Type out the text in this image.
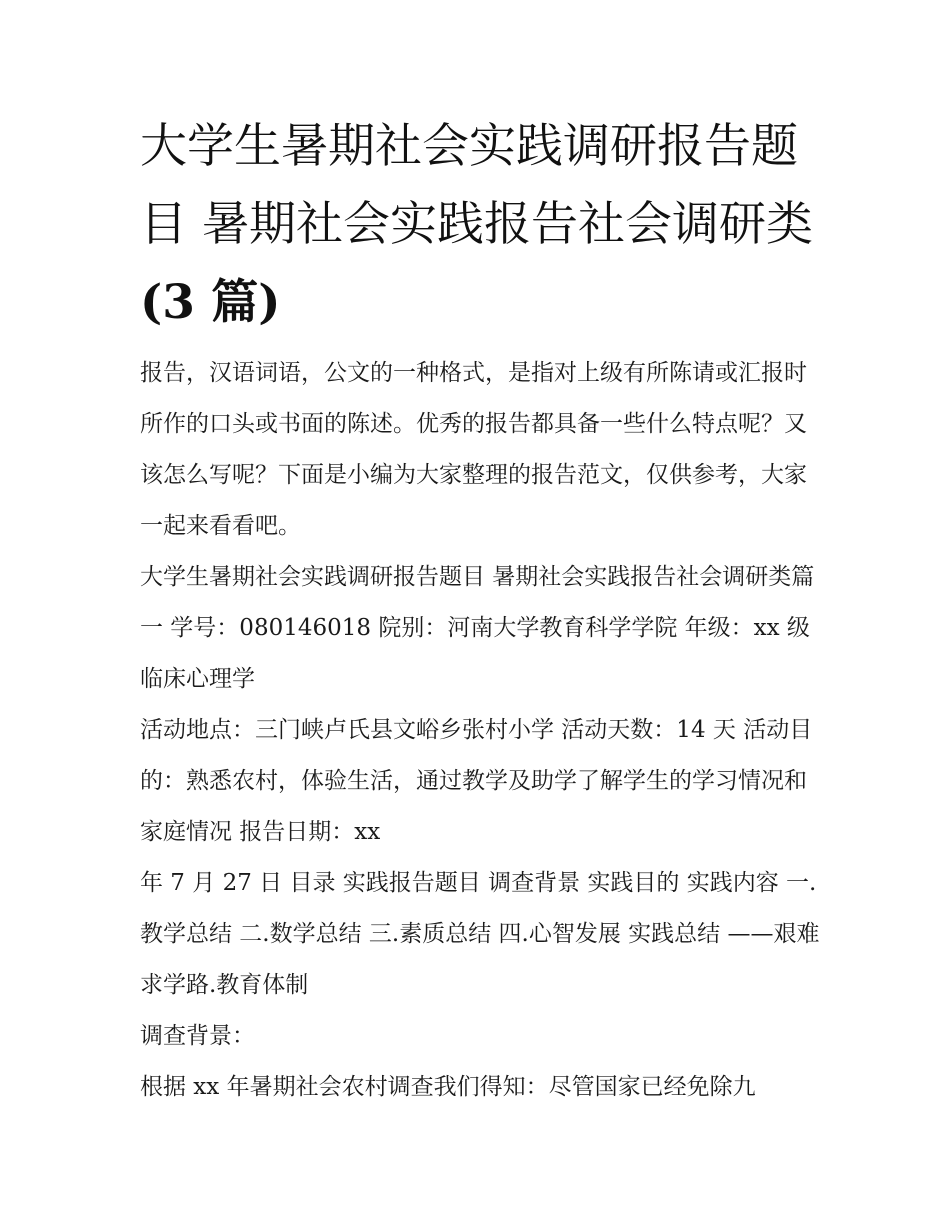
大学生暑期社会实践调研报告题目 暑期社会实践报告社会调研类(3 篇)

报告，汉语词语，公文的一种格式，是指对上级有所陈请或汇报时所作的口头或书面的陈述。优秀的报告都具备一些什么特点呢？又该怎么写呢？下面是小编为大家整理的报告范文，仅供参考，大家一起来看看吧。

大学生暑期社会实践调研报告题目 暑期社会实践报告社会调研类篇一 学号：080146018 院别：河南大学教育科学学院 年级：xx 级 临床心理学

活动地点：三门峡卢氏县文峪乡张村小学 活动天数：14 天 活动目的：熟悉农村，体验生活，通过教学及助学了解学生的学习情况和家庭情况 报告日期：xx

年 7 月 27 日 目录 实践报告题目 调查背景 实践目的 实践内容 一.教学总结 二.数学总结 三.素质总结 四.心智发展 实践总结 ——艰难求学路.教育体制

调查背景：

根据 xx 年暑期社会农村调查我们得知：尽管国家已经免除九
